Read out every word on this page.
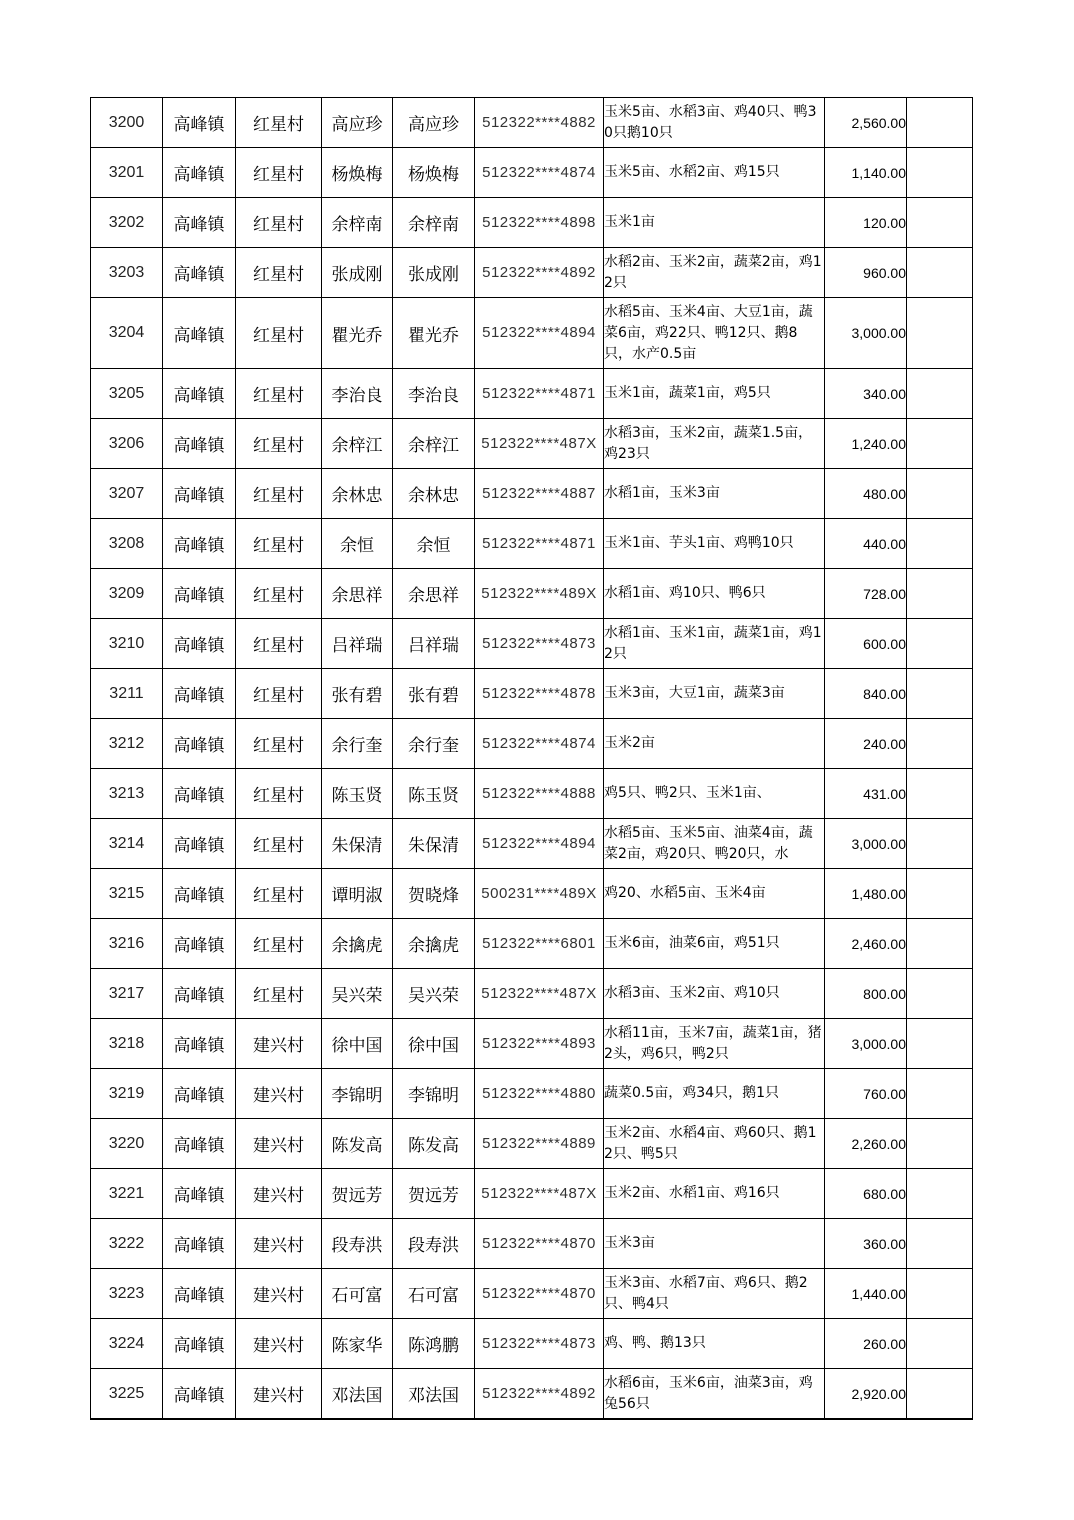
3200	高峰镇	红星村	高应珍	高应珍	512322****4882	玉米5亩、水稻3亩、鸡40只、鸭30只鹅10只	2,560.00	
3201	高峰镇	红星村	杨焕梅	杨焕梅	512322****4874	玉米5亩、水稻2亩、鸡15只	1,140.00	
3202	高峰镇	红星村	余梓南	余梓南	512322****4898	玉米1亩	120.00	
3203	高峰镇	红星村	张成刚	张成刚	512322****4892	水稻2亩、玉米2亩，蔬菜2亩，鸡12只	960.00	
3204	高峰镇	红星村	瞿光乔	瞿光乔	512322****4894	水稻5亩、玉米4亩、大豆1亩，蔬菜6亩，鸡22只、鸭12只、鹅8只，水产0.5亩	3,000.00	
3205	高峰镇	红星村	李治良	李治良	512322****4871	玉米1亩，蔬菜1亩，鸡5只	340.00	
3206	高峰镇	红星村	余梓江	余梓江	512322****487X	水稻3亩，玉米2亩，蔬菜1.5亩，鸡23只	1,240.00	
3207	高峰镇	红星村	余林忠	余林忠	512322****4887	水稻1亩，玉米3亩	480.00	
3208	高峰镇	红星村	余恒	余恒	512322****4871	玉米1亩、芋头1亩、鸡鸭10只	440.00	
3209	高峰镇	红星村	余思祥	余思祥	512322****489X	水稻1亩、鸡10只、鸭6只	728.00	
3210	高峰镇	红星村	吕祥瑞	吕祥瑞	512322****4873	水稻1亩、玉米1亩，蔬菜1亩，鸡12只	600.00	
3211	高峰镇	红星村	张有碧	张有碧	512322****4878	玉米3亩，大豆1亩，蔬菜3亩	840.00	
3212	高峰镇	红星村	余行奎	余行奎	512322****4874	玉米2亩	240.00	
3213	高峰镇	红星村	陈玉贤	陈玉贤	512322****4888	鸡5只、鸭2只、玉米1亩、	431.00	
3214	高峰镇	红星村	朱保清	朱保清	512322****4894	水稻5亩、玉米5亩、油菜4亩，蔬菜2亩，鸡20只、鸭20只，水	3,000.00	
3215	高峰镇	红星村	谭明淑	贺晓烽	500231****489X	鸡20、水稻5亩、玉米4亩	1,480.00	
3216	高峰镇	红星村	余擒虎	余擒虎	512322****6801	玉米6亩，油菜6亩，鸡51只	2,460.00	
3217	高峰镇	红星村	吴兴荣	吴兴荣	512322****487X	水稻3亩、玉米2亩、鸡10只	800.00	
3218	高峰镇	建兴村	徐中国	徐中国	512322****4893	水稻11亩，玉米7亩，蔬菜1亩，猪2头，鸡6只，鸭2只	3,000.00	
3219	高峰镇	建兴村	李锦明	李锦明	512322****4880	蔬菜0.5亩，鸡34只，鹅1只	760.00	
3220	高峰镇	建兴村	陈发高	陈发高	512322****4889	玉米2亩、水稻4亩、鸡60只、鹅12只、鸭5只	2,260.00	
3221	高峰镇	建兴村	贺远芳	贺远芳	512322****487X	玉米2亩、水稻1亩、鸡16只	680.00	
3222	高峰镇	建兴村	段寿洪	段寿洪	512322****4870	玉米3亩	360.00	
3223	高峰镇	建兴村	石可富	石可富	512322****4870	玉米3亩、水稻7亩、鸡6只、鹅2只、鸭4只	1,440.00	
3224	高峰镇	建兴村	陈家华	陈鸿鹏	512322****4873	鸡、鸭、鹅13只	260.00	
3225	高峰镇	建兴村	邓法国	邓法国	512322****4892	水稻6亩，玉米6亩，油菜3亩，鸡兔56只	2,920.00	
